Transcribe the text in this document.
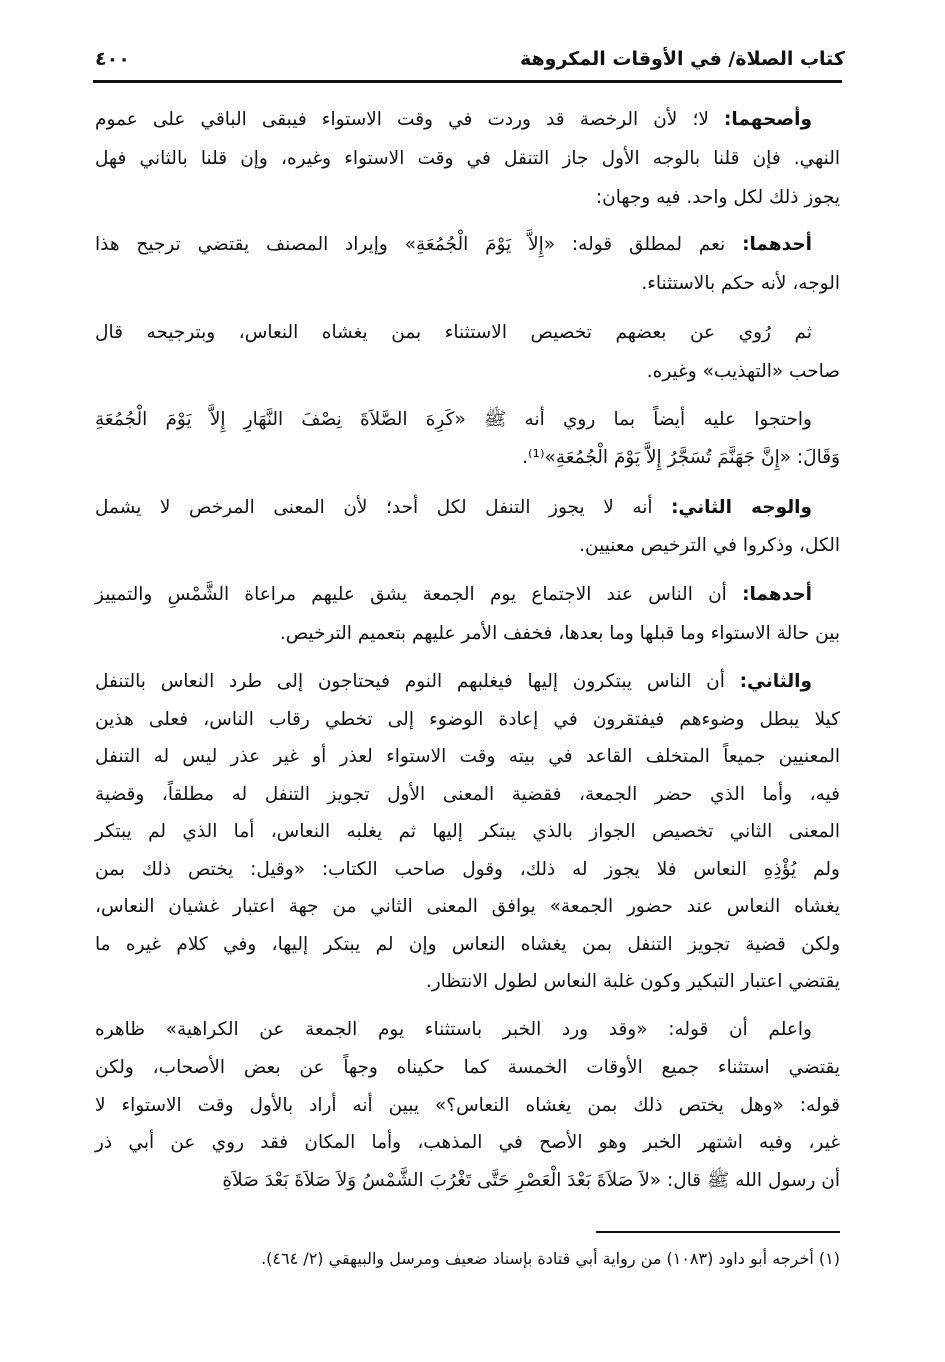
كتاب الصلاة/ في الأوقات المكروهة
٤٠٠
وأصحهما: لا؛ لأن الرخصة قد وردت في وقت الاستواء فيبقى الباقي على عموم
النهي. فإن قلنا بالوجه الأول جاز التنقل في وقت الاستواء وغيره، وإن قلنا بالثاني فهل
يجوز ذلك لكل واحد. فيه وجهان:
أحدهما: نعم لمطلق قوله: «إِلاَّ يَوْمَ الْجُمُعَةِ» وإيراد المصنف يقتضي ترجيح هذا
الوجه، لأنه حكم بالاستثناء.
ثم رُوي عن بعضهم تخصيص الاستثناء بمن يغشاه النعاس، وبترجيحه قال
صاحب «التهذيب» وغيره.
واحتجوا عليه أيضاً بما روي أنه ﷺ «كَرِهَ الصَّلاَةَ نِصْفَ النَّهَارِ إِلاَّ يَوْمَ الْجُمُعَةِ
وَقَالَ: «إِنَّ جَهَنَّمَ تُسَجَّرُ إِلاَّ يَوْمَ الْجُمُعَةِ»⁽¹⁾.
والوجه الثاني: أنه لا يجوز التنفل لكل أحد؛ لأن المعنى المرخص لا يشمل
الكل، وذكروا في الترخيص معنيين.
أحدهما: أن الناس عند الاجتماع يوم الجمعة يشق عليهم مراعاة الشَّمْسِ والتمييز
بين حالة الاستواء وما قبلها وما بعدها، فخفف الأمر عليهم بتعميم الترخيص.
والثاني: أن الناس يبتكرون إليها فيغلبهم النوم فيحتاجون إلى طرد النعاس بالتنفل
كيلا يبطل وضوءهم فيفتقرون في إعادة الوضوء إلى تخطي رقاب الناس، فعلى هذين
المعنيين جميعاً المتخلف القاعد في بيته وقت الاستواء لعذر أو غير عذر ليس له التنفل
فيه، وأما الذي حضر الجمعة، فقضية المعنى الأول تجويز التنفل له مطلقاً، وقضية
المعنى الثاني تخصيص الجواز بالذي يبتكر إليها ثم يغلبه النعاس، أما الذي لم يبتكر
ولم يُؤْذِهِ النعاس فلا يجوز له ذلك، وقول صاحب الكتاب: «وقيل: يختص ذلك بمن
يغشاه النعاس عند حضور الجمعة» يوافق المعنى الثاني من جهة اعتبار غشيان النعاس،
ولكن قضية تجويز التنفل بمن يغشاه النعاس وإن لم يبتكر إليها، وفي كلام غيره ما
يقتضي اعتبار التبكير وكون غلبة النعاس لطول الانتظار.
واعلم أن قوله: «وقد ورد الخبر باستثناء يوم الجمعة عن الكراهية» ظاهره
يقتضي استثناء جميع الأوقات الخمسة كما حكيناه وجهاً عن بعض الأصحاب، ولكن
قوله: «وهل يختص ذلك بمن يغشاه النعاس؟» يبين أنه أراد بالأول وقت الاستواء لا
غير، وفيه اشتهر الخبر وهو الأصح في المذهب، وأما المكان فقد روي عن أبي ذر
أن رسول الله ﷺ قال: «لاَ صَلاَةَ بَعْدَ الْعَصْرِ حَتَّى تَغْرُبَ الشَّمْسُ وَلاَ صَلاَةَ بَعْدَ صَلاَةِ
(١) أخرجه أبو داود (١٠٨٣) من رواية أبي قتادة بإسناد ضعيف ومرسل والبيهقي (٢/ ٤٦٤).
